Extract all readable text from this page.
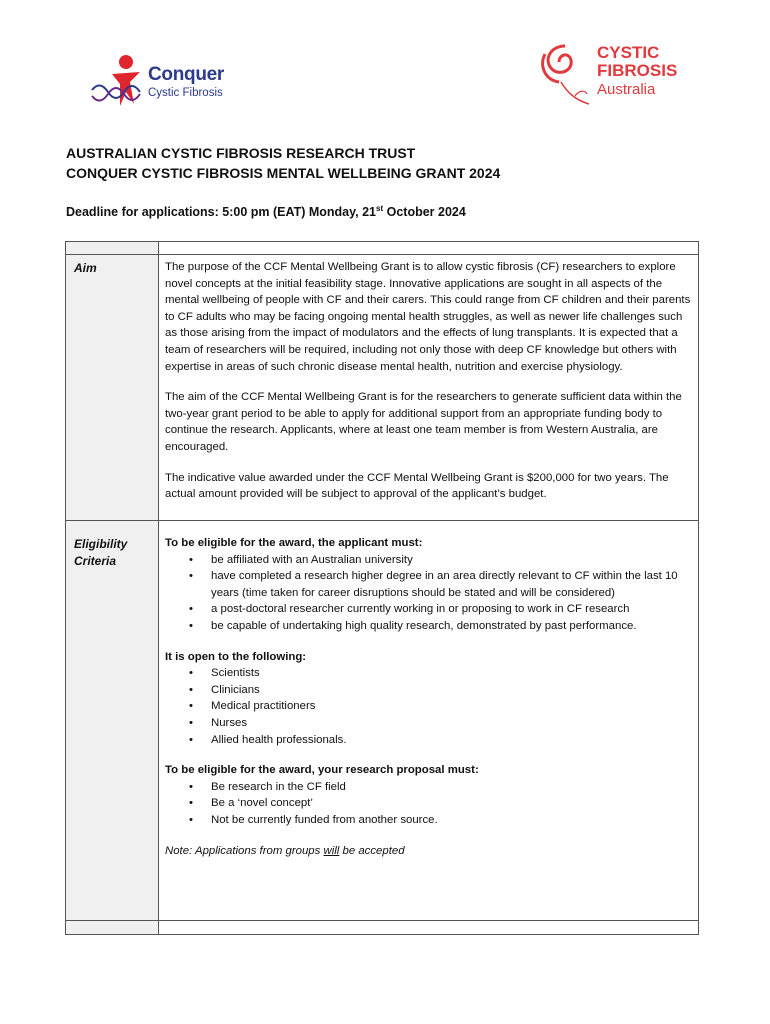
Conquer
Cystic Fibrosis
CYSTIC
FIBROSIS
Australia
AUSTRALIAN CYSTIC FIBROSIS RESEARCH TRUST
CONQUER CYSTIC FIBROSIS MENTAL WELLBEING GRANT 2024
Deadline for applications: 5:00 pm (EAT) Monday, 21st October 2024
Aim	The purpose of the CCF Mental Wellbeing Grant is to allow cystic fibrosis (CF) researchers to explore novel concepts at the initial feasibility stage. Innovative applications are sought in all aspects of the mental wellbeing of people with CF and their carers. This could range from CF children and their parents to CF adults who may be facing ongoing mental health struggles, as well as newer life challenges such as those arising from the impact of modulators and the effects of lung transplants. It is expected that a team of researchers will be required, including not only those with deep CF knowledge but others with expertise in areas of such chronic disease mental health, nutrition and exercise physiology.

The aim of the CCF Mental Wellbeing Grant is for the researchers to generate sufficient data within the two-year grant period to be able to apply for additional support from an appropriate funding body to continue the research. Applicants, where at least one team member is from Western Australia, are encouraged.

The indicative value awarded under the CCF Mental Wellbeing Grant is $200,000 for two years. The actual amount provided will be subject to approval of the applicant’s budget.

Eligibility
Criteria
To be eligible for the award, the applicant must:
• be affiliated with an Australian university
• have completed a research higher degree in an area directly relevant to CF within the last 10 years (time taken for career disruptions should be stated and will be considered)
• a post-doctoral researcher currently working in or proposing to work in CF research
• be capable of undertaking high quality research, demonstrated by past performance.
It is open to the following:
• Scientists
• Clinicians
• Medical practitioners
• Nurses
• Allied health professionals.
To be eligible for the award, your research proposal must:
• Be research in the CF field
• Be a ‘novel concept’
• Not be currently funded from another source.
Note: Applications from groups will be accepted
